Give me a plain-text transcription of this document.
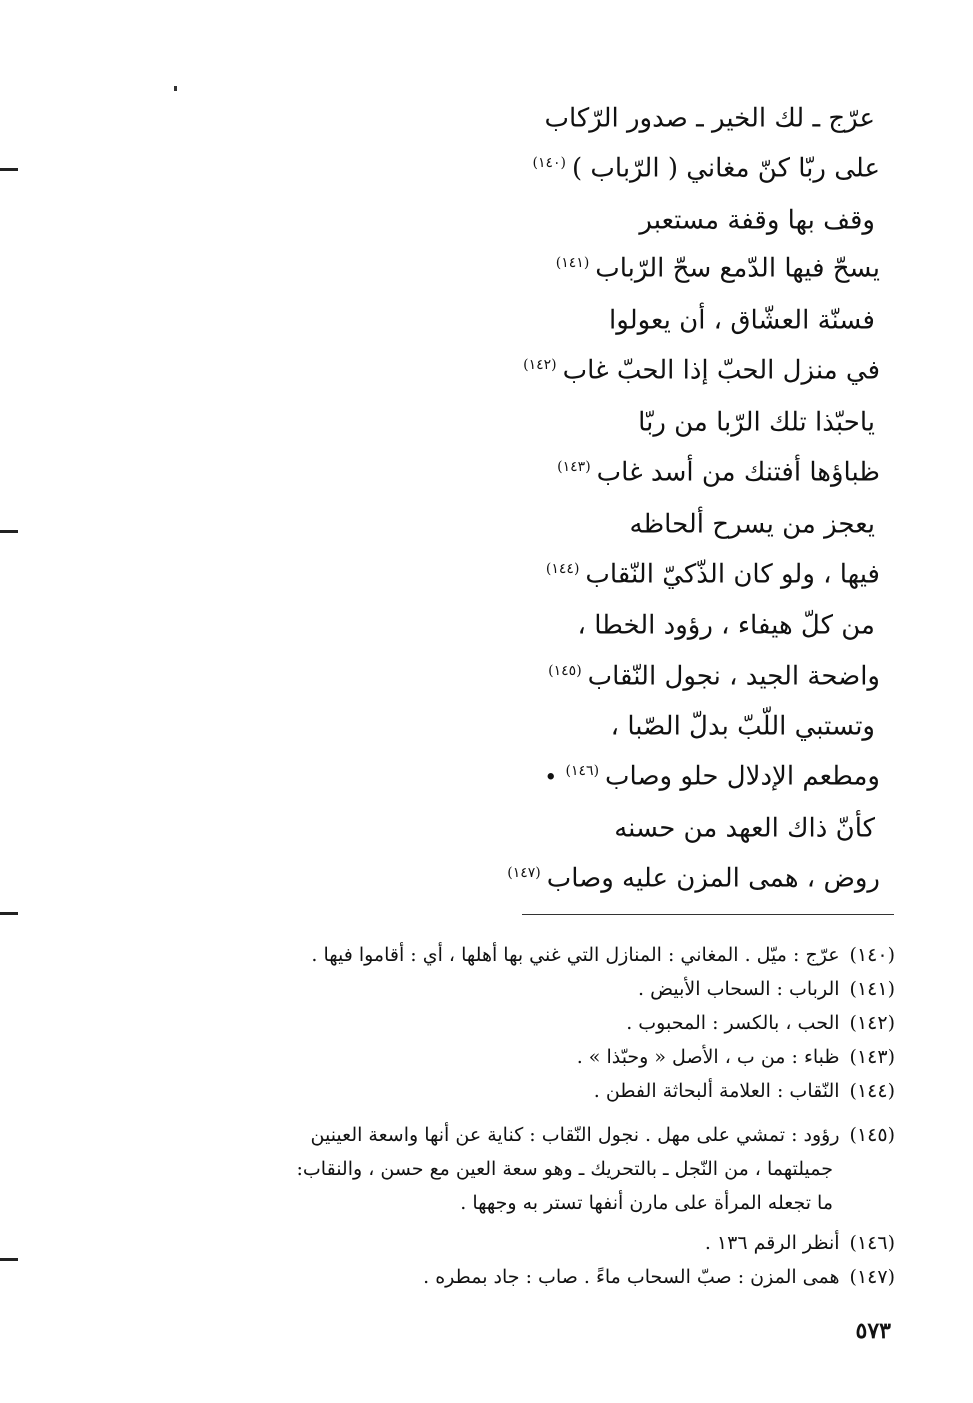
عرّج ـ لك الخير ـ صدور الرّكاب

على ربّا كنّ مغاني ( الرّباب )$^{(١٤٠)}$

وقف بها وقفة مستعبر

يسحّ فيها الدّمع سحّ الرّباب$^{(١٤١)}$

فسنّة العشّاق ، أن يعولوا

في منزل الحبّ إذا الحبّ غاب$^{(١٤٢)}$

ياحبّذا تلك الرّبا من ربّا

ظباؤها أفتنك من أسد غاب$^{(١٤٣)}$

يعجز من يسرح ألحاظه

فيها ، ولو كان الذّكيّ النّقاب$^{(١٤٤)}$

من كلّ هيفاء ، رؤود الخطا ،

واضحة الجيد ، نجول النّقاب$^{(١٤٥)}$

وتستبي اللّبّ بدلّ الصّبا ،

ومطعم الإدلال حلو وصاب$^{(١٤٦)}$ •

كأنّ ذاك العهد من حسنه

روض ، همى المزن عليه وصاب$^{(١٤٧)}$

(١٤٠)عرّج : ميّل . المغاني : المنازل التي غني بها أهلها ، أي : أقاموا فيها .

(١٤١)الرباب : السحاب الأبيض .

(١٤٢)الحب ، بالكسر : المحبوب .

(١٤٣)ظباء : من ب ، الأصل « وحبّذا » .

(١٤٤)النّقاب : العلامة ألبحاثة الفطن .

(١٤٥)رؤود : تمشي على مهل . نجول النّقاب : كناية عن أنها واسعة العينين

جميلتهما ، من النّجل ـ بالتحريك ـ وهو سعة العين مع حسن ، والنقاب:

ما تجعله المرأة على مارن أنفها تستر به وجهها .

(١٤٦)أنظر الرقم ١٣٦ .

(١٤٧)همى المزن : صبّ السحاب ماءً . صاب : جاد بمطره .

٥٧٣
